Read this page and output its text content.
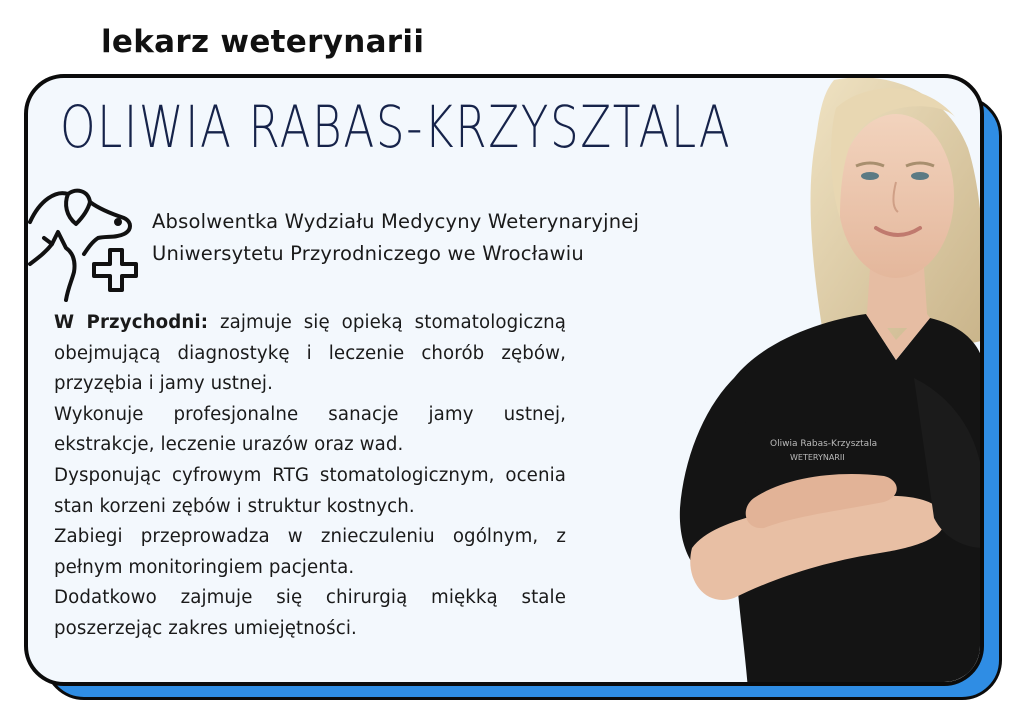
lekarz weterynarii
OLIWIA RABAS-KRZYSZTALA
Absolwentka Wydziału Medycyny Weterynaryjnej
Uniwersytetu Przyrodniczego we Wrocławiu

W Przychodni: zajmuje się opieką stomatologiczną obejmującą diagnostykę i leczenie chorób zębów, przyzębia i jamy ustnej.

Wykonuje profesjonalne sanacje jamy ustnej, ekstrakcje, leczenie urazów oraz wad.

Dysponując cyfrowym RTG stomatologicznym, ocenia stan korzeni zębów i struktur kostnych.

Zabiegi przeprowadza w znieczuleniu ogólnym, z pełnym monitoringiem pacjenta.

Dodatkowo zajmuje się chirurgią miękką stale poszerzejąc zakres umiejętności.

Oliwia Rabas-Krzysztala
WETERYNARII
